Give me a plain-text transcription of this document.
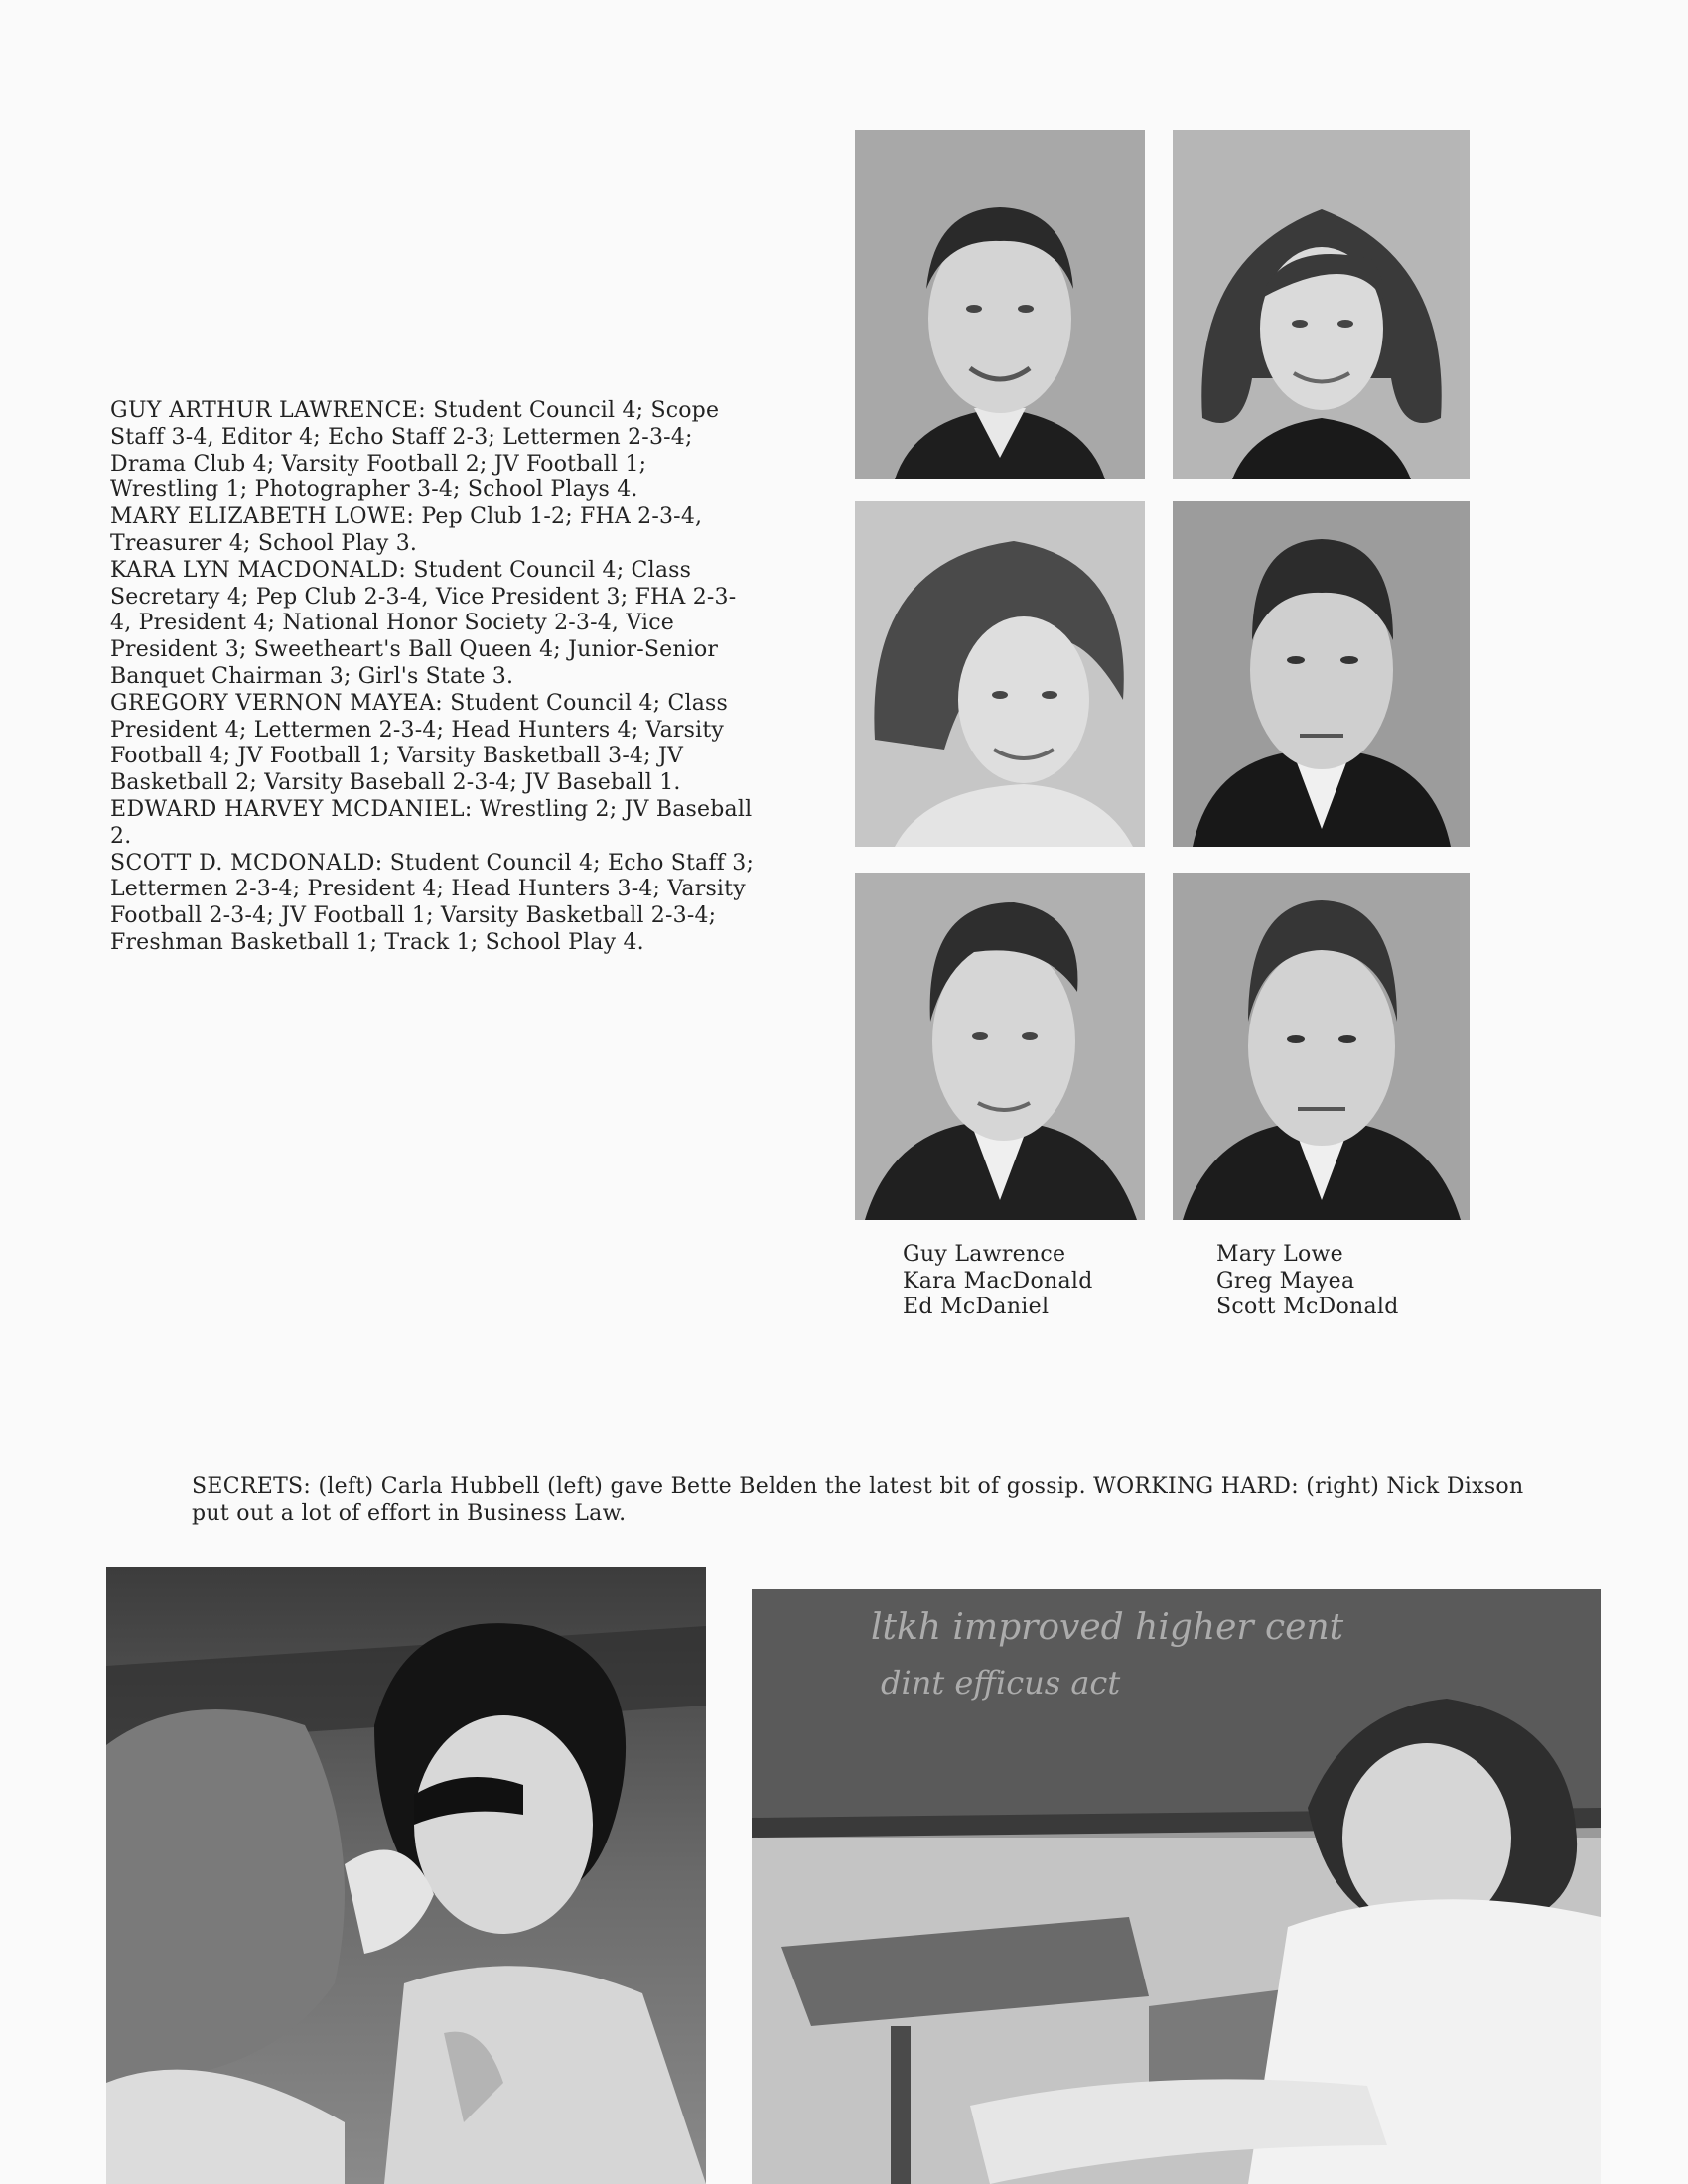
GUY ARTHUR LAWRENCE: Student Council 4; Scope Staff 3-4, Editor 4; Echo Staff 2-3; Lettermen 2-3-4; Drama Club 4; Varsity Football 2; JV Football 1; Wrestling 1; Photographer 3-4; School Plays 4.

MARY ELIZABETH LOWE: Pep Club 1-2; FHA 2-3-4, Treasurer 4; School Play 3.

KARA LYN MACDONALD: Student Council 4; Class Secretary 4; Pep Club 2-3-4, Vice President 3; FHA 2-3-4, President 4; National Honor Society 2-3-4, Vice President 3; Sweetheart's Ball Queen 4; Junior-Senior Banquet Chairman 3; Girl's State 3.

GREGORY VERNON MAYEA: Student Council 4; Class President 4; Lettermen 2-3-4; Head Hunters 4; Varsity Football 4; JV Football 1; Varsity Basketball 3-4; JV Basketball 2; Varsity Baseball 2-3-4; JV Baseball 1.

EDWARD HARVEY MCDANIEL: Wrestling 2; JV Baseball 2.

SCOTT D. MCDONALD: Student Council 4; Echo Staff 3; Lettermen 2-3-4; President 4; Head Hunters 3-4; Varsity Football 2-3-4; JV Football 1; Varsity Basketball 2-3-4; Freshman Basketball 1; Track 1; School Play 4.

Guy Lawrence
Kara MacDonald
Ed McDaniel
Mary Lowe
Greg Mayea
Scott McDonald
SECRETS: (left) Carla Hubbell (left) gave Bette Belden the latest bit of gossip. WORKING HARD: (right) Nick Dixson put out a lot of effort in Business Law.
ltkh improved higher cent
dint efficus act
